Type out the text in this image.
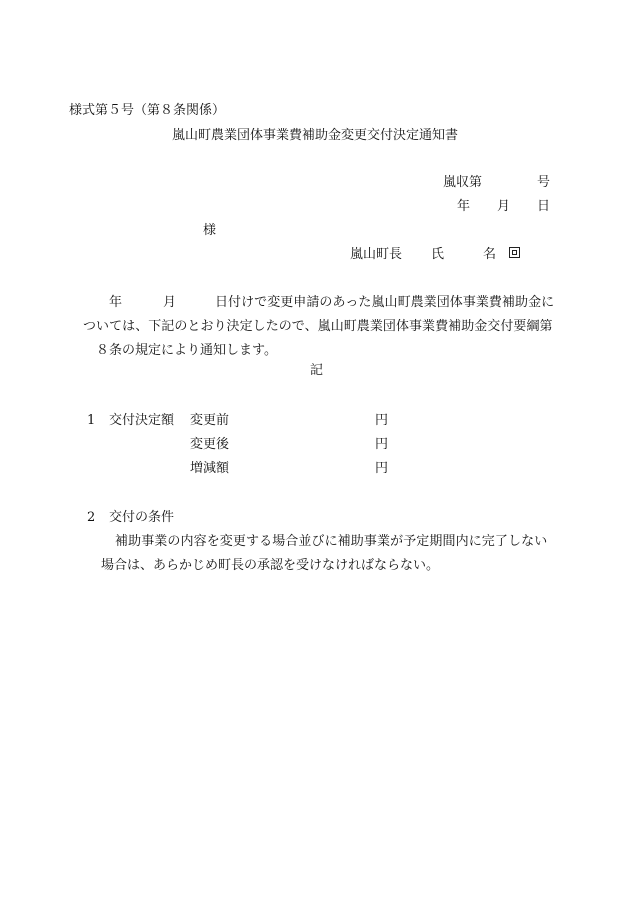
様式第５号（第８条関係）
嵐山町農業団体事業費補助金変更交付決定通知書
嵐収第	号
年 月 日
様
嵐山町長 氏	名
年	月	日付けで変更申請のあった嵐山町農業団体事業費補助金に
ついては、下記のとおり決定したので、嵐山町農業団体事業費補助金交付要綱第
８条の規定により通知します。
記
1 交付決定額 変更前	円
変更後	円
増減額	円
2 交付の条件
補助事業の内容を変更する場合並びに補助事業が予定期間内に完了しない
場合は、あらかじめ町長の承認を受けなければならない。
